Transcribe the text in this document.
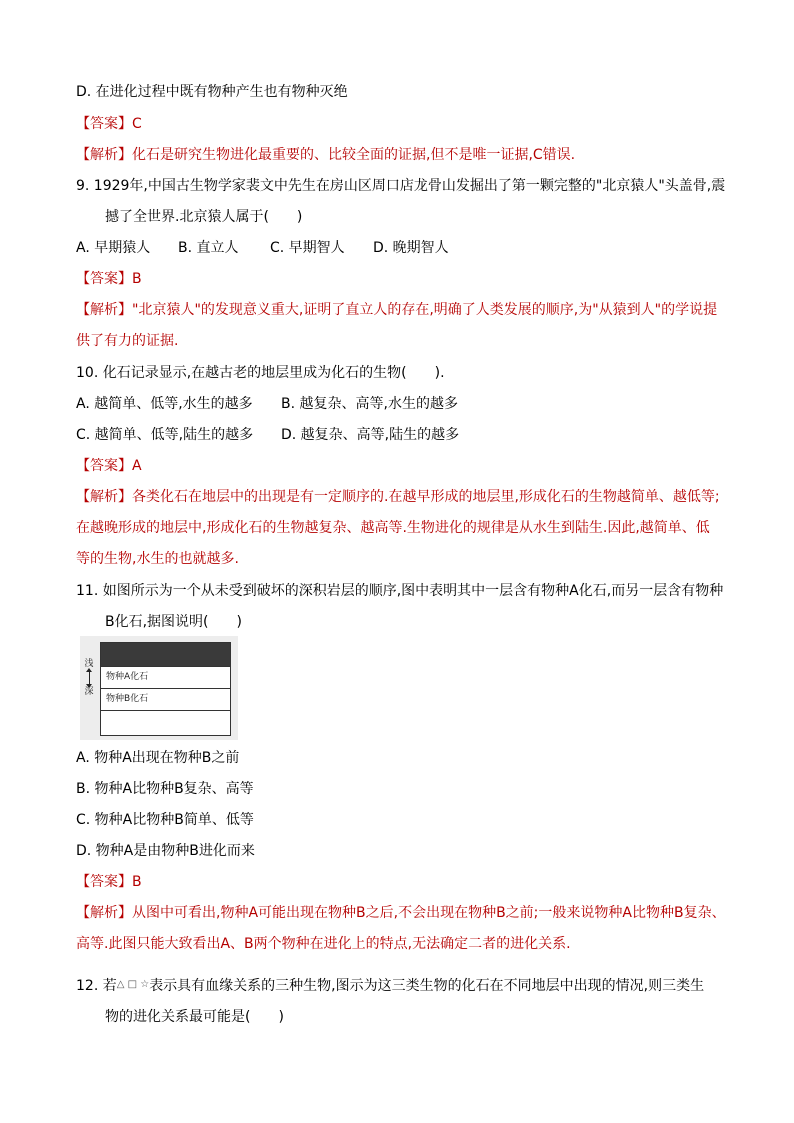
D. 在进化过程中既有物种产生也有物种灭绝
【答案】C
【解析】化石是研究生物进化最重要的、比较全面的证据,但不是唯一证据,C错误.
9. 1929年,中国古生物学家裴文中先生在房山区周口店龙骨山发掘出了第一颗完整的"北京猿人"头盖骨,震
撼了全世界.北京猿人属于(　　)
A. 早期猿人 B. 直立人 C. 早期智人 D. 晚期智人
【答案】B
【解析】"北京猿人"的发现意义重大,证明了直立人的存在,明确了人类发展的顺序,为"从猿到人"的学说提
供了有力的证据.
10. 化石记录显示,在越古老的地层里成为化石的生物(　　).
A. 越简单、低等,水生的越多 B. 越复杂、高等,水生的越多
C. 越简单、低等,陆生的越多 D. 越复杂、高等,陆生的越多
【答案】A
【解析】各类化石在地层中的出现是有一定顺序的.在越早形成的地层里,形成化石的生物越简单、越低等;
在越晚形成的地层中,形成化石的生物越复杂、越高等.生物进化的规律是从水生到陆生.因此,越简单、低
等的生物,水生的也就越多.
11. 如图所示为一个从未受到破坏的深积岩层的顺序,图中表明其中一层含有物种A化石,而另一层含有物种
B化石,据图说明(　　)
浅
深
物种A化石
物种B化石
A. 物种A出现在物种B之前
B. 物种A比物种B复杂、高等
C. 物种A比物种B简单、低等
D. 物种A是由物种B进化而来
【答案】B
【解析】从图中可看出,物种A可能出现在物种B之后,不会出现在物种B之前;一般来说物种A比物种B复杂、
高等.此图只能大致看出A、B两个物种在进化上的特点,无法确定二者的进化关系.
12. 若△ □ ☆表示具有血缘关系的三种生物,图示为这三类生物的化石在不同地层中出现的情况,则三类生
物的进化关系最可能是(　　)
